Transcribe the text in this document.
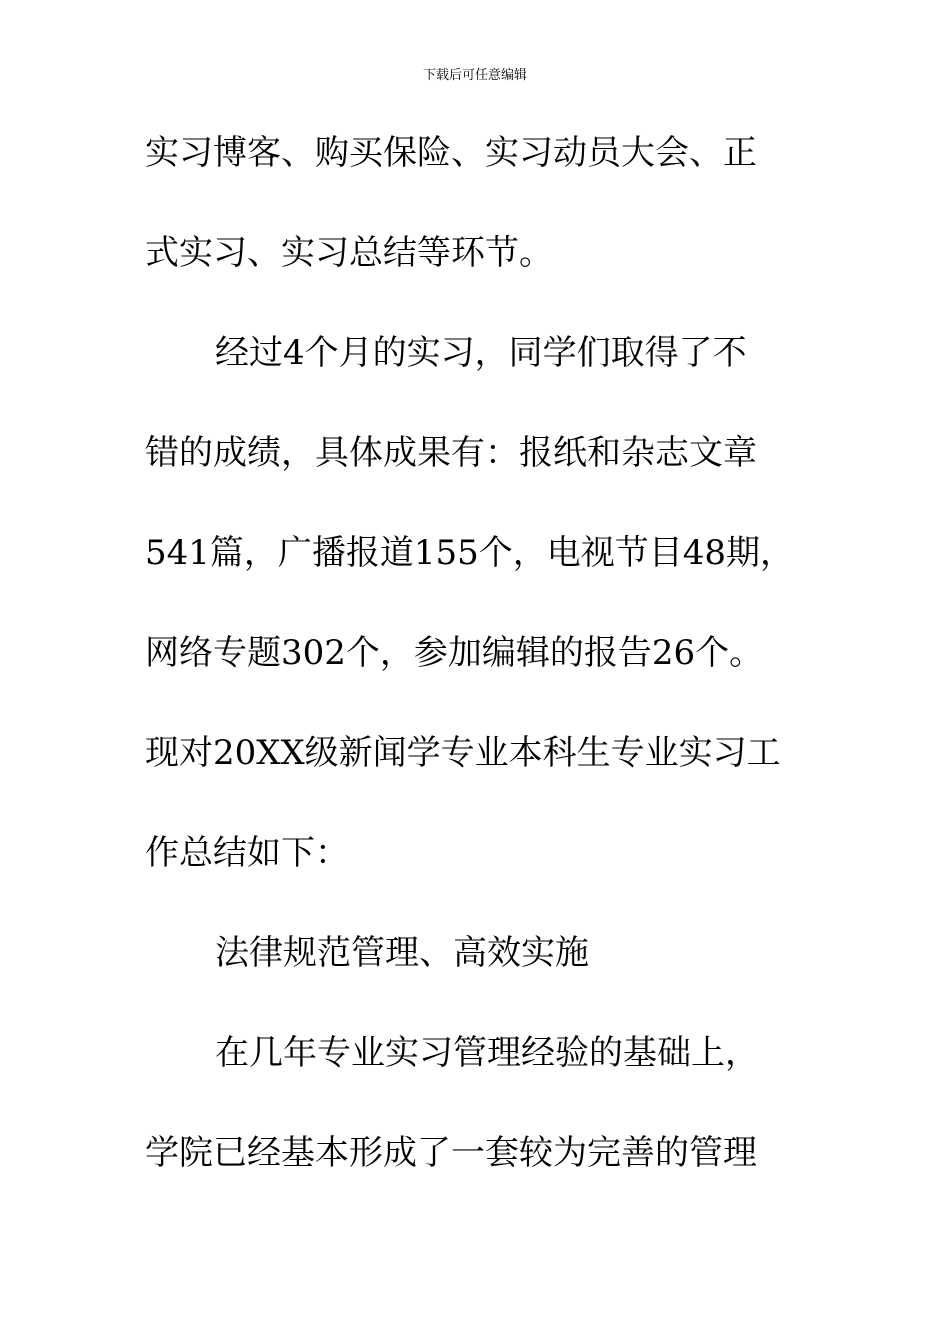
下载后可任意编辑
实习博客、购买保险、实习动员大会、正
式实习、实习总结等环节。
经过4个月的实习，同学们取得了不
错的成绩，具体成果有：报纸和杂志文章
541篇，广播报道155个，电视节目48期，
网络专题302个，参加编辑的报告26个。
现对20XX级新闻学专业本科生专业实习工
作总结如下：
法律规范管理、高效实施
在几年专业实习管理经验的基础上，
学院已经基本形成了一套较为完善的管理
